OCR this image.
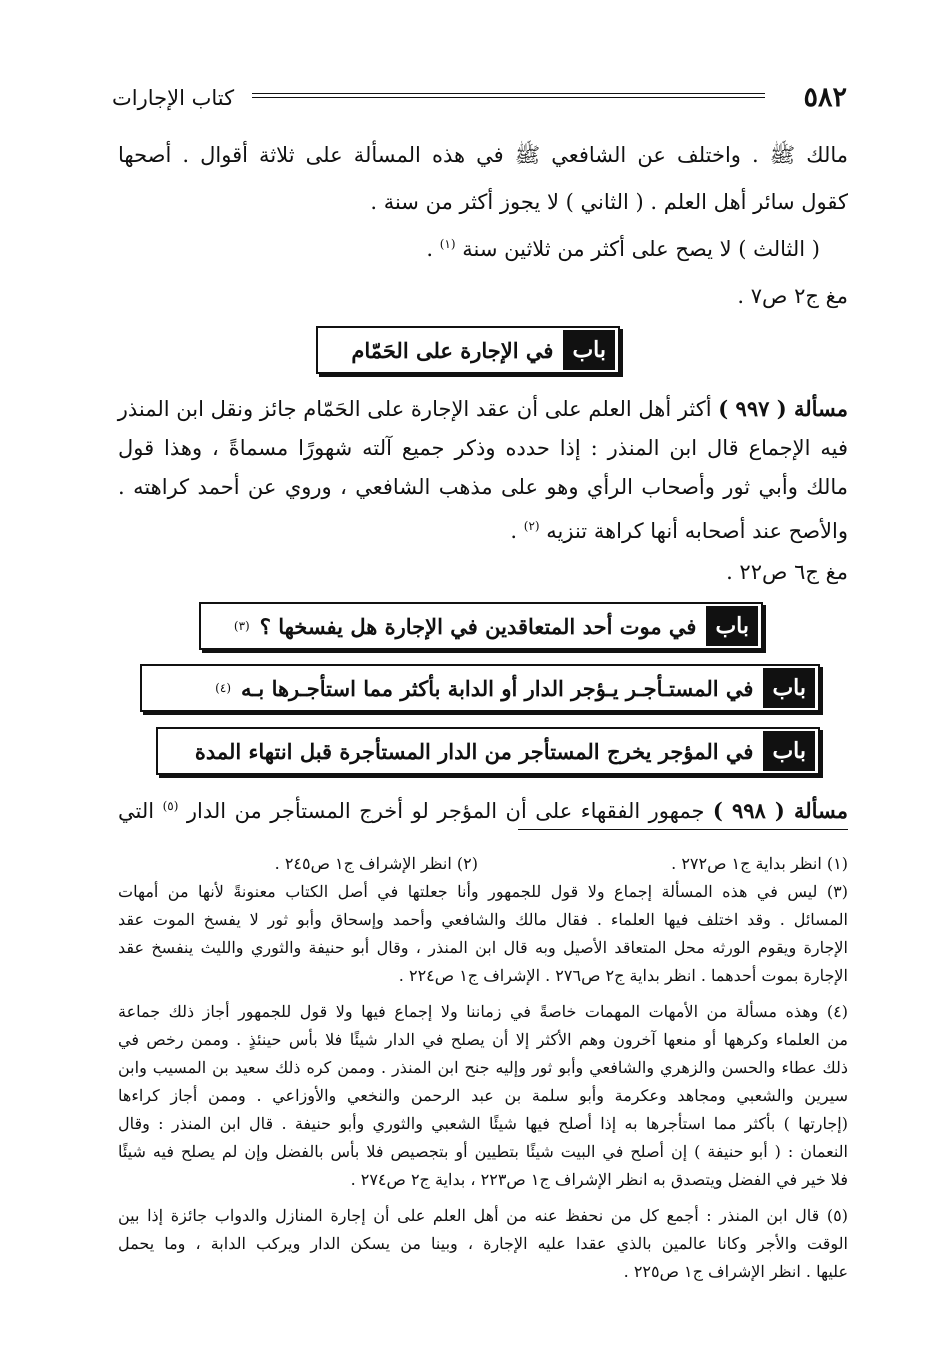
٥٨٢
كتاب الإجارات
مالك ﷺ . واختلف عن الشافعي ﷺ في هذه المسألة على ثلاثة أقوال . أصحها
كقول سائر أهل العلم . ( الثاني ) لا يجوز أكثر من سنة .
( الثالث ) لا يصح على أكثر من ثلاثين سنة $^{(١)}$ .
مغ ج٢ ص٧ .
باب
في الإجارة على الحَمّام
مسألة ( ٩٩٧ ) أكثر أهل العلم على أن عقد الإجارة على الحَمّام جائز ونقل ابن المنذر
فيه الإجماع قال ابن المنذر : إذا حدده وذكر جميع آلته شهورًا مسماةً ، وهذا قول
مالك وأبي ثور وأصحاب الرأي وهو على مذهب الشافعي ، وروي عن أحمد كراهته .
والأصح عند أصحابه أنها كراهة تنزيه $^{(٢)}$ .
مغ ج٦ ص٢٢ .
باب
في موت أحد المتعاقدين في الإجارة هل يفسخها ؟
(٣)
باب
في المستـأجـر يـؤجر الدار أو الدابة بأكثر مما استأجـرها بـه
(٤)
باب
في المؤجر يخرج المستأجر من الدار المستأجرة قبل انتهاء المدة
مسألة ( ٩٩٨ ) جمهور الفقهاء على أن المؤجر لو أخرج المستأجر من الدار $^{(٥)}$ التي
(١) انظر بداية ج١ ص٢٧٢ .
(٢) انظر الإشراف ج١ ص٢٤٥ .
(٣) ليس في هذه المسألة إجماع ولا قول للجمهور وأنا جعلتها في أصل الكتاب معنونةً لأنها من أمهات
المسائل . وقد اختلف فيها العلماء . فقال مالك والشافعي وأحمد وإسحاق وأبو ثور لا يفسخ الموت عقد
الإجارة ويقوم الورثه محل المتعاقد الأصيل وبه قال ابن المنذر ، وقال أبو حنيفة والثوري والليث ينفسخ عقد
الإجارة بموت أحدهما . انظر بداية ج٢ ص٢٧٦ . الإشراف ج١ ص٢٢٤ .
(٤) وهذه مسألة من الأمهات المهمات خاصةً في زماننا ولا إجماع فيها ولا قول للجمهور أجاز ذلك جماعة
من العلماء وكرهها أو منعها آخرون وهم الأكثر إلا أن يصلح في الدار شيئًا فلا بأس حينئذٍ . وممن رخص في
ذلك عطاء والحسن والزهري والشافعي وأبو ثور وإليه جنح ابن المنذر . وممن كره ذلك سعيد بن المسيب وابن
سيرين والشعبي ومجاهد وعكرمة وأبو سلمة بن عبد الرحمن والنخعي والأوزاعي . وممن أجاز كراءها
(إجارتها ) بأكثر مما استأجرها به إذا أصلح فيها شيئًا الشعبي والثوري وأبو حنيفة . قال ابن المنذر : وقال
النعمان : ( أبو حنيفة ) إن أصلح في البيت شيئًا بتطيين أو بتجصيص فلا بأس بالفضل وإن لم يصلح فيه شيئًا
فلا خير في الفضل ويتصدق به انظر الإشراف ج١ ص٢٢٣ ، بداية ج٢ ص٢٧٤ .
(٥) قال ابن المنذر : أجمع كل من نحفظ عنه من أهل العلم على أن إجارة المنازل والدواب جائزة إذا بين
الوقت والأجر وكانا عالمين بالذي عقدا عليه الإجارة ، وبينا من يسكن الدار ويركب الدابة ، وما يحمل
عليها . انظر الإشراف ج١ ص٢٢٥ .
